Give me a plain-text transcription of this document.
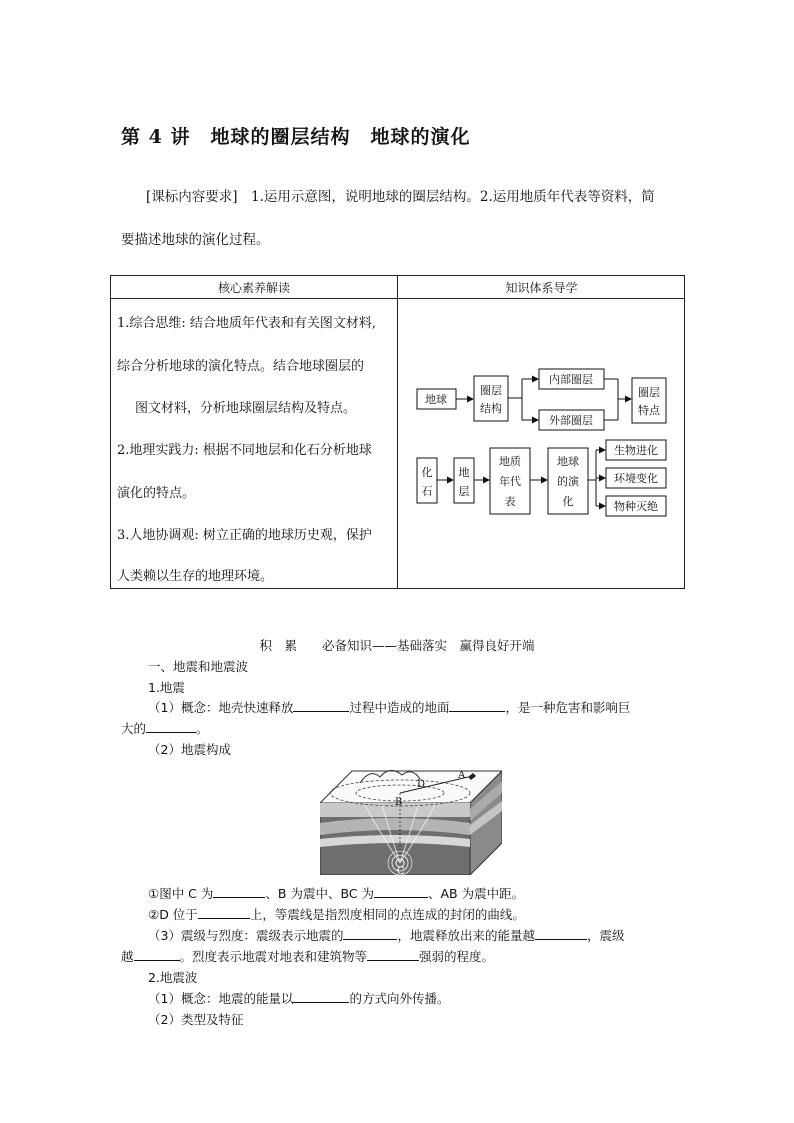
第 4 讲　地球的圈层结构　地球的演化
[课标内容要求]　1.运用示意图，说明地球的圈层结构。2.运用地质年代表等资料，简
要描述地球的演化过程。
核心素养解读	知识体系导学
1.综合思维: 结合地质年代表和有关图文材料,
综合分析地球的演化特点。结合地球圈层的
图文材料，分析地球圈层结构及特点。
2.地理实践力: 根据不同地层和化石分析地球
演化的特点。
3.人地协调观: 树立正确的地球历史观，保护
人类赖以生存的地理环境。
地球
圈层
结构
内部圈层
外部圈层
圈层
特点
化
石
地
层
地质
年代
表
地球
的演
化
生物进化
环境变化
物种灭绝
积　累　　必备知识——基础落实　赢得良好开端
一、地震和地震波
1.地震
（1）概念：地壳快速释放	过程中造成的地面	，是一种危害和影响巨
大的	。
（2）地震构成
A
B
D
C
①图中 C 为	、B 为震中、BC 为	、AB 为震中距。
②D 位于	上，等震线是指烈度相同的点连成的封闭的曲线。
（3）震级与烈度：震级表示地震的	，地震释放出来的能量越	，震级
越	。烈度表示地震对地表和建筑物等	强弱的程度。
2.地震波
（1）概念：地震的能量以	的方式向外传播。
（2）类型及特征
